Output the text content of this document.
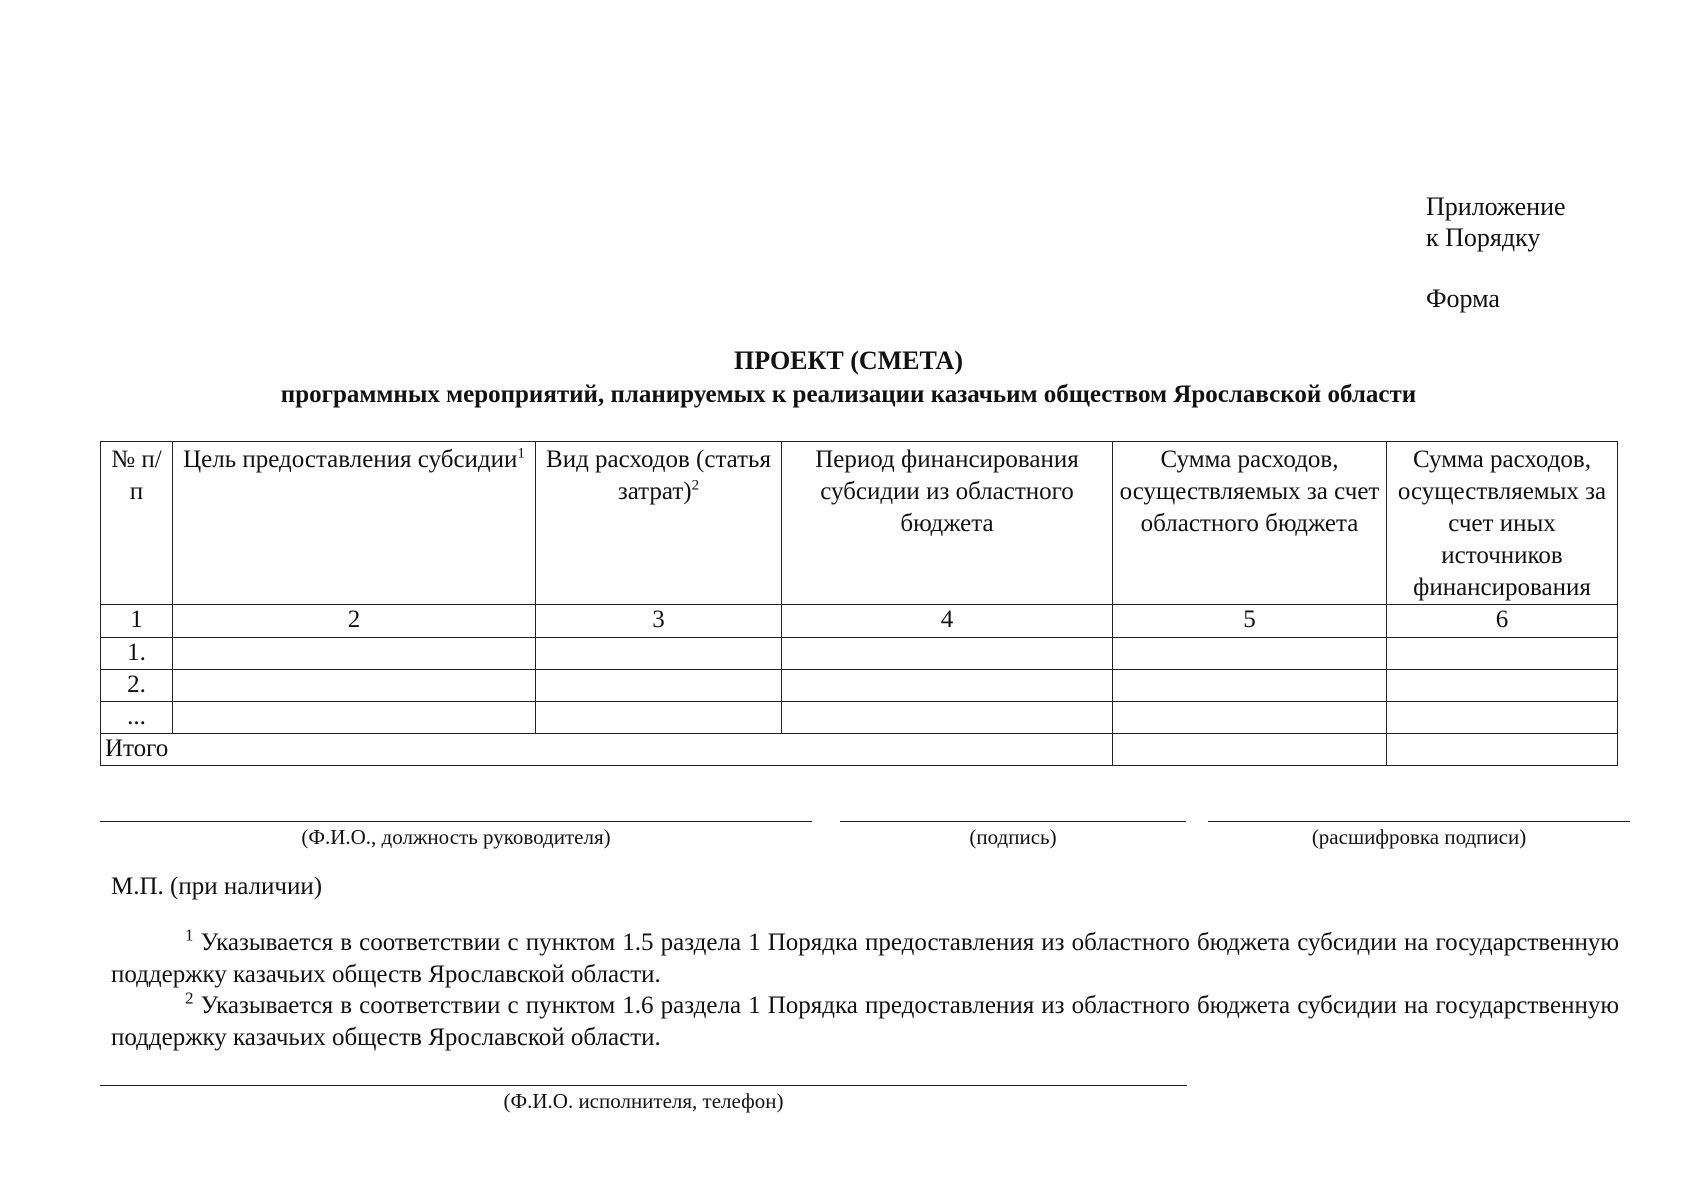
Приложение
к Порядку
Форма
ПРОЕКТ (СМЕТА)
программных мероприятий, планируемых к реализации казачьим обществом Ярославской области
№ п/п	Цель предоставления субсидии$^1$	Вид расходов (статья затрат)$^2$	Период финансирования субсидии из областного бюджета	Сумма расходов, осуществляемых за счет областного бюджета	Сумма расходов, осуществляемых за счет иных источников финансирования
1	2	3	4	5	6
1.					
2.					
...					
Итого					
(Ф.И.О., должность руководителя)	(подпись)	(расшифровка подписи)
М.П. (при наличии)

$^1$ Указывается в соответствии с пунктом 1.5 раздела 1 Порядка предоставления из областного бюджета субсидии на государственную поддержку казачьих обществ Ярославской области.

$^2$ Указывается в соответствии с пунктом 1.6 раздела 1 Порядка предоставления из областного бюджета субсидии на государственную поддержку казачьих обществ Ярославской области.

(Ф.И.О. исполнителя, телефон)
